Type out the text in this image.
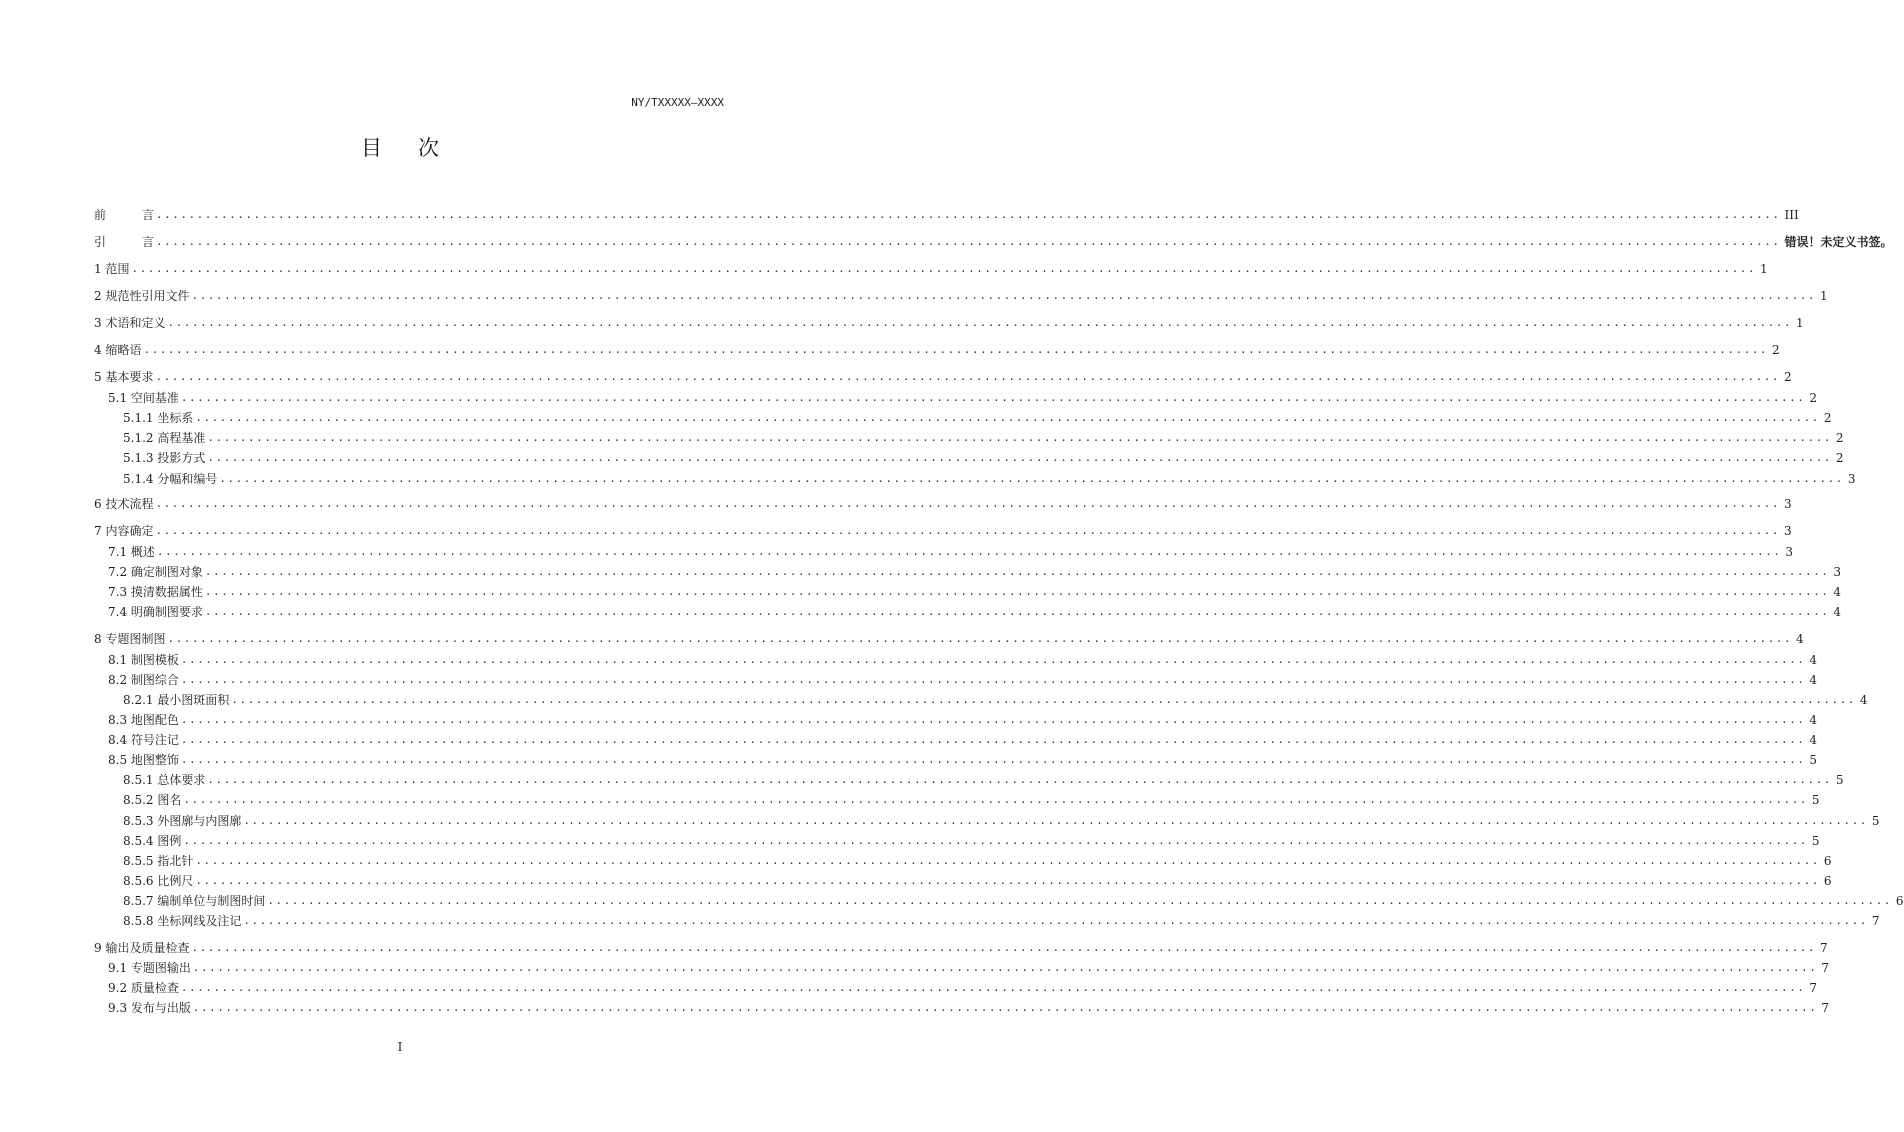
NY/TXXXXX—XXXX
目次
前　　　言 ........................................................................................................................................................................................................ III
引　　　言 ........................................................................................................................................................................................................ 错误！未定义书签。
1 范围 ........................................................................................................................................................................................................ 1
2 规范性引用文件 ........................................................................................................................................................................................................ 1
3 术语和定义 ........................................................................................................................................................................................................ 1
4 缩略语 ........................................................................................................................................................................................................ 2
5 基本要求 ........................................................................................................................................................................................................ 2
5.1 空间基准 ........................................................................................................................................................................................................ 2
5.1.1 坐标系 ........................................................................................................................................................................................................ 2
5.1.2 高程基准 ........................................................................................................................................................................................................ 2
5.1.3 投影方式 ........................................................................................................................................................................................................ 2
5.1.4 分幅和编号 ........................................................................................................................................................................................................ 3
6 技术流程 ........................................................................................................................................................................................................ 3
7 内容确定 ........................................................................................................................................................................................................ 3
7.1 概述 ........................................................................................................................................................................................................ 3
7.2 确定制图对象 ........................................................................................................................................................................................................ 3
7.3 摸清数据属性 ........................................................................................................................................................................................................ 4
7.4 明确制图要求 ........................................................................................................................................................................................................ 4
8 专题图制图 ........................................................................................................................................................................................................ 4
8.1 制图模板 ........................................................................................................................................................................................................ 4
8.2 制图综合 ........................................................................................................................................................................................................ 4
8.2.1 最小图斑面积 ........................................................................................................................................................................................................ 4
8.3 地图配色 ........................................................................................................................................................................................................ 4
8.4 符号注记 ........................................................................................................................................................................................................ 4
8.5 地图整饰 ........................................................................................................................................................................................................ 5
8.5.1 总体要求 ........................................................................................................................................................................................................ 5
8.5.2 图名 ........................................................................................................................................................................................................ 5
8.5.3 外图廓与内图廓 ........................................................................................................................................................................................................ 5
8.5.4 图例 ........................................................................................................................................................................................................ 5
8.5.5 指北针 ........................................................................................................................................................................................................ 6
8.5.6 比例尺 ........................................................................................................................................................................................................ 6
8.5.7 编制单位与制图时间 ........................................................................................................................................................................................................ 6
8.5.8 坐标网线及注记 ........................................................................................................................................................................................................ 7
9 输出及质量检查 ........................................................................................................................................................................................................ 7
9.1 专题图输出 ........................................................................................................................................................................................................ 7
9.2 质量检查 ........................................................................................................................................................................................................ 7
9.3 发布与出版 ........................................................................................................................................................................................................ 7
I
